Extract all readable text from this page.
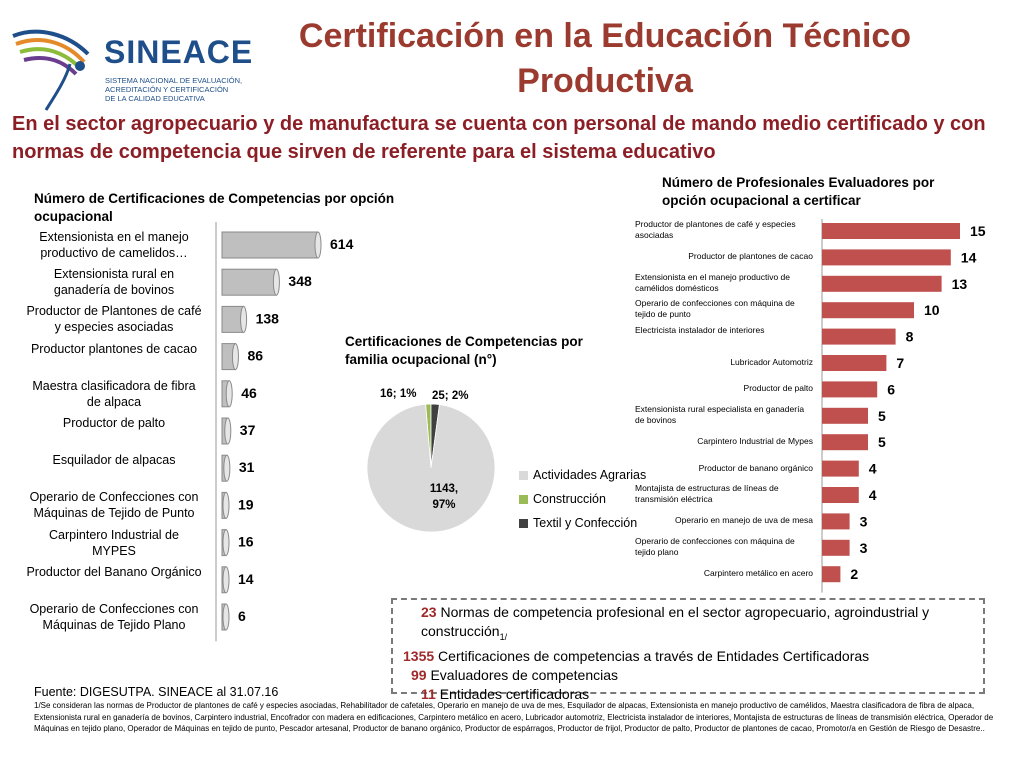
SINEACE
SISTEMA NACIONAL DE EVALUACIÓN,
ACREDITACIÓN Y CERTIFICACIÓN
DE LA CALIDAD EDUCATIVA
Certificación en la Educación Técnico Productiva
En el sector agropecuario y de manufactura se cuenta con personal de mando medio certificado y con normas de competencia que sirven de referente para el sistema educativo
Número de Certificaciones de Competencias por opción ocupacional
Extensionista en el manejo productivo de camelidos…
Extensionista rural en ganadería de bovinos
Productor de Plantones de café y especies asociadas
Productor plantones de cacao
Maestra clasificadora de fibra de alpaca
Productor de palto
Esquilador de alpacas
Operario de Confecciones con Máquinas de Tejido de Punto
Carpintero Industrial de MYPES
Productor del Banano Orgánico
Operario de Confecciones con Máquinas de Tejido Plano
614
348
138
86
46
37
31
19
16
14
6
Certificaciones de Competencias por familia ocupacional (n°)
1143,
97%
16; 1% 25; 2%
Actividades Agrarias
Construcción
Textil y Confección
Número de Profesionales Evaluadores por opción ocupacional a certificar
Productor de plantones de café y especies asociadas
Productor de plantones de cacao
Extensionista en el manejo productivo de camélidos domésticos
Operario de confecciones con máquina de tejido de punto
Electricista instalador de interiores
Lubricador Automotriz
Productor de palto
Extensionista rural especialista en ganadería de bovinos
Carpintero Industrial de Mypes
Productor de banano orgánico
Montajista de estructuras de líneas de transmisión eléctrica
Operario en manejo de uva de mesa
Operario de confecciones con máquina de tejido plano
Carpintero metálico en acero
15
14
13
10
8
7
6
5
5
4
4
3
3
2
23 Normas de competencia profesional en el sector agropecuario, agroindustrial y construcción$_{1/}$
1355 Certificaciones de competencias a través de Entidades Certificadoras
99 Evaluadores de competencias
11 Entidades certificadoras
Fuente: DIGESUTPA. SINEACE al 31.07.16
1/Se consideran las normas de Productor de plantones de café y especies asociadas, Rehabilitador de cafetales, Operario en manejo de uva de mes, Esquilador de alpacas, Extensionista en manejo productivo de camélidos, Maestra clasificadora de fibra de alpaca, Extensionista rural en ganadería de bovinos, Carpintero industrial, Encofrador con madera en edificaciones, Carpintero metálico en acero, Lubricador automotriz, Electricista instalador de interiores, Montajista de estructuras de líneas de transmisión eléctrica, Operador de Máquinas en tejido plano, Operador de Máquinas en tejido de punto, Pescador artesanal, Productor de banano orgánico, Productor de espárragos, Productor de frijol, Productor de palto, Productor de plantones de cacao, Promotor/a en Gestión de Riesgo de Desastre..
